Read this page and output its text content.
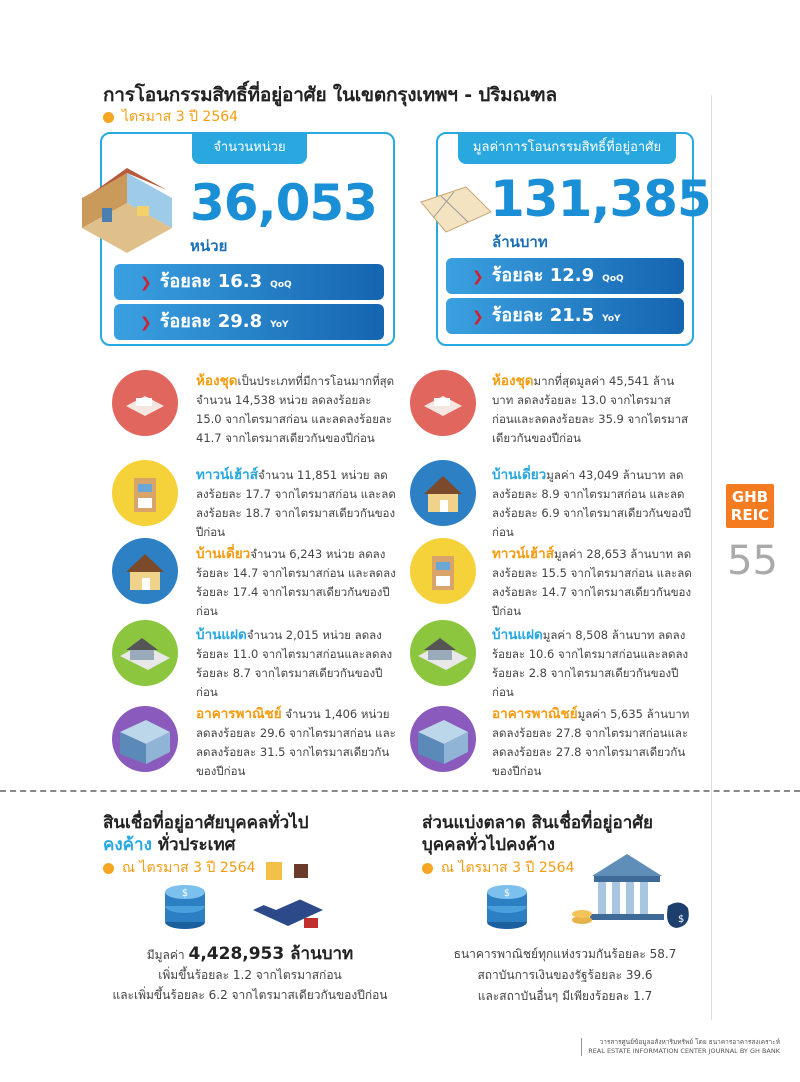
การโอนกรรมสิทธิ์ที่อยู่อาศัย ในเขตกรุงเทพฯ - ปริมณฑล
ไตรมาส 3 ปี 2564
จำนวนหน่วย
36,053
หน่วย
❯ ร้อยละ 16.3 QoQ
❯ ร้อยละ 29.8 YoY
มูลค่าการโอนกรรมสิทธิ์ที่อยู่อาศัย
131,385
ล้านบาท
❯ ร้อยละ 12.9 QoQ
❯ ร้อยละ 21.5 YoY
ห้องชุดเป็นประเภทที่มีการโอนมากที่สุด จำนวน 14,538 หน่วย ลดลงร้อยละ 15.0 จากไตรมาสก่อน และลดลงร้อยละ 41.7 จากไตรมาสเดียวกันของปีก่อน
ทาวน์เฮ้าส์จำนวน 11,851 หน่วย ลดลงร้อยละ 17.7 จากไตรมาสก่อน และลดลงร้อยละ 18.7 จากไตรมาสเดียวกันของปีก่อน
บ้านเดี่ยวจำนวน 6,243 หน่วย ลดลงร้อยละ 14.7 จากไตรมาสก่อน และลดลงร้อยละ 17.4 จากไตรมาสเดียวกันของปีก่อน
บ้านแฝดจำนวน 2,015 หน่วย ลดลงร้อยละ 11.0 จากไตรมาสก่อนและลดลงร้อยละ 8.7 จากไตรมาสเดียวกันของปีก่อน
อาคารพาณิชย์ จำนวน 1,406 หน่วย ลดลงร้อยละ 29.6 จากไตรมาสก่อน และลดลงร้อยละ 31.5 จากไตรมาสเดียวกันของปีก่อน
ห้องชุดมากที่สุดมูลค่า 45,541 ล้านบาท ลดลงร้อยละ 13.0 จากไตรมาสก่อนและลดลงร้อยละ 35.9 จากไตรมาสเดียวกันของปีก่อน
บ้านเดี่ยวมูลค่า 43,049 ล้านบาท ลดลงร้อยละ 8.9 จากไตรมาสก่อน และลดลงร้อยละ 6.9 จากไตรมาสเดียวกันของปีก่อน
ทาวน์เฮ้าส์มูลค่า 28,653 ล้านบาท ลดลงร้อยละ 15.5 จากไตรมาสก่อน และลดลงร้อยละ 14.7 จากไตรมาสเดียวกันของปีก่อน
บ้านแฝดมูลค่า 8,508 ล้านบาท ลดลงร้อยละ 10.6 จากไตรมาสก่อนและลดลงร้อยละ 2.8 จากไตรมาสเดียวกันของปีก่อน
อาคารพาณิชย์มูลค่า 5,635 ล้านบาท ลดลงร้อยละ 27.8 จากไตรมาสก่อนและลดลงร้อยละ 27.8 จากไตรมาสเดียวกันของปีก่อน
สินเชื่อที่อยู่อาศัยบุคคลทั่วไป
คงค้าง ทั่วประเทศ
ณ ไตรมาส 3 ปี 2564
$
มีมูลค่า 4,428,953 ล้านบาท
เพิ่มขึ้นร้อยละ 1.2 จากไตรมาสก่อน
และเพิ่มขึ้นร้อยละ 6.2 จากไตรมาสเดียวกันของปีก่อน
ส่วนแบ่งตลาด สินเชื่อที่อยู่อาศัย
บุคคลทั่วไปคงค้าง
ณ ไตรมาส 3 ปี 2564
$
$
ธนาคารพาณิชย์ทุกแห่งรวมกันร้อยละ 58.7
สถาบันการเงินของรัฐร้อยละ 39.6
และสถาบันอื่นๆ มีเพียงร้อยละ 1.7
GHB
REIC
55
วารสารศูนย์ข้อมูลอสังหาริมทรัพย์ โดย ธนาคารอาคารสงเคราะห์
REAL ESTATE INFORMATION CENTER JOURNAL BY GH BANK
